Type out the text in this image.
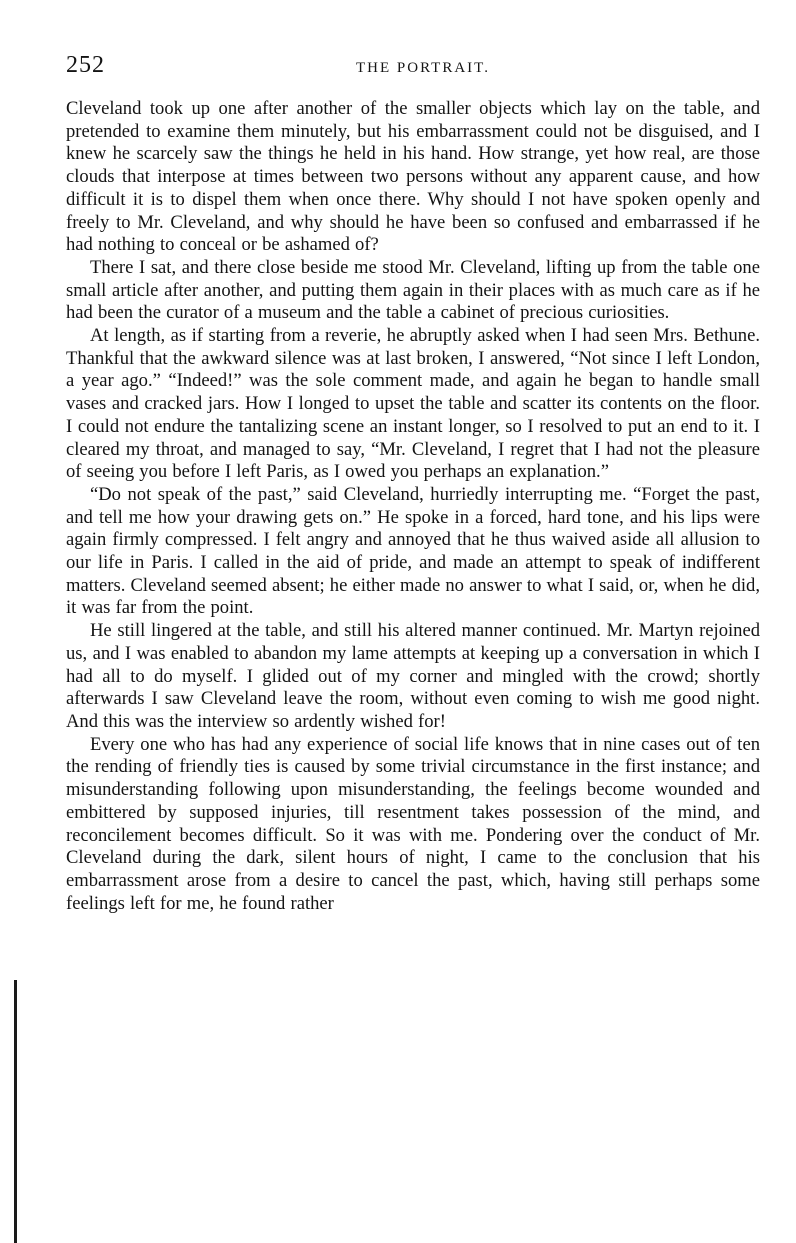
252	THE PORTRAIT.

Cleveland took up one after another of the smaller objects which lay on the table, and pretended to examine them minutely, but his embarrassment could not be disguised, and I knew he scarcely saw the things he held in his hand. How strange, yet how real, are those clouds that interpose at times between two persons without any apparent cause, and how difficult it is to dispel them when once there. Why should I not have spoken openly and freely to Mr. Cleveland, and why should he have been so confused and embarrassed if he had nothing to conceal or be ashamed of?

There I sat, and there close beside me stood Mr. Cleveland, lifting up from the table one small article after another, and putting them again in their places with as much care as if he had been the curator of a museum and the table a cabinet of precious curiosities.

At length, as if starting from a reverie, he abruptly asked when I had seen Mrs. Bethune. Thankful that the awkward silence was at last broken, I answered, “Not since I left London, a year ago.” “Indeed!” was the sole comment made, and again he began to handle small vases and cracked jars. How I longed to upset the table and scatter its contents on the floor. I could not endure the tantalizing scene an instant longer, so I resolved to put an end to it. I cleared my throat, and managed to say, “Mr. Cleveland, I regret that I had not the pleasure of seeing you before I left Paris, as I owed you perhaps an explanation.”

“Do not speak of the past,” said Cleveland, hurriedly interrupting me. “Forget the past, and tell me how your drawing gets on.” He spoke in a forced, hard tone, and his lips were again firmly compressed. I felt angry and annoyed that he thus waived aside all allusion to our life in Paris. I called in the aid of pride, and made an attempt to speak of indifferent matters. Cleveland seemed absent; he either made no answer to what I said, or, when he did, it was far from the point.

He still lingered at the table, and still his altered manner continued. Mr. Martyn rejoined us, and I was enabled to abandon my lame attempts at keeping up a conversation in which I had all to do myself. I glided out of my corner and mingled with the crowd; shortly afterwards I saw Cleveland leave the room, without even coming to wish me good night. And this was the interview so ardently wished for!

Every one who has had any experience of social life knows that in nine cases out of ten the rending of friendly ties is caused by some trivial circumstance in the first instance; and misunderstanding following upon misunderstanding, the feelings become wounded and embittered by supposed injuries, till resentment takes possession of the mind, and reconcilement becomes difficult. So it was with me. Pondering over the conduct of Mr. Cleveland during the dark, silent hours of night, I came to the conclusion that his embarrassment arose from a desire to cancel the past, which, having still perhaps some feelings left for me, he found rather
